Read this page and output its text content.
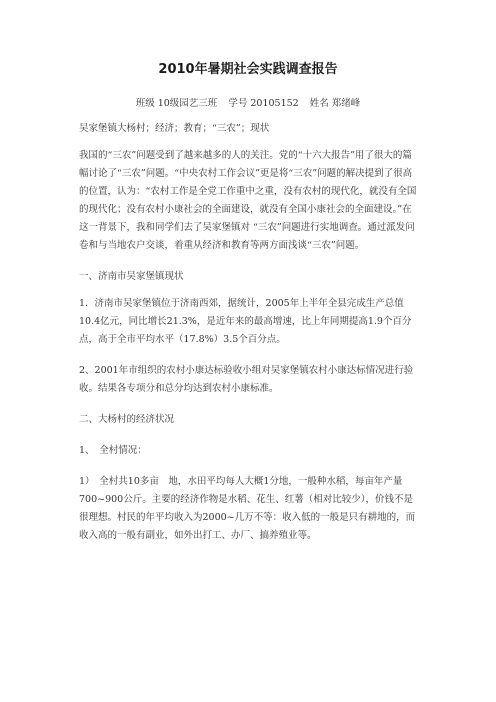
2010年暑期社会实践调查报告
班级 10级园艺三班 学号 20105152 姓名 郑绪峰

吴家堡镇大杨村；经济；教育；“三农”；现状

我国的“三农”问题受到了越来越多的人的关注。党的“十六大报告”用了很大的篇幅讨论了“三农”问题。“中央农村工作会议”更是将“三农”问题的解决提到了很高的位置，认为：“农村工作是全党工作重中之重，没有农村的现代化，就没有全国的现代化；没有农村小康社会的全面建设，就没有全国小康社会的全面建设。”在这一背景下，我和同学们去了吴家堡镇对 “三农”问题进行实地调查。通过派发问卷和与当地农户交谈，着重从经济和教育等两方面浅谈“三农”问题。

一、济南市吴家堡镇现状

1．济南市吴家堡镇位于济南西郊，据统计，2005年上半年全县完成生产总值10.4亿元，同比增长21.3%，是近年来的最高增速，比上年同期提高1.9个百分点，高于全市平均水平（17.8%）3.5个百分点。

2、2001年市组织的农村小康达标验收小组对吴家堡镇农村小康达标情况进行验收。结果各专项分和总分均达到农村小康标准。

二、大杨村的经济状况

1、　全村情况：

1）　全村共10多亩　地，水田平均每人大概1分地，一般种水稻，每亩年产量700~900公斤。主要的经济作物是水稻、花生、红薯（相对比较少），价钱不是很理想。村民的年平均收入为2000~几万不等：收入低的一般是只有耕地的，而收入高的一般有副业，如外出打工、办厂、搞养殖业等。
